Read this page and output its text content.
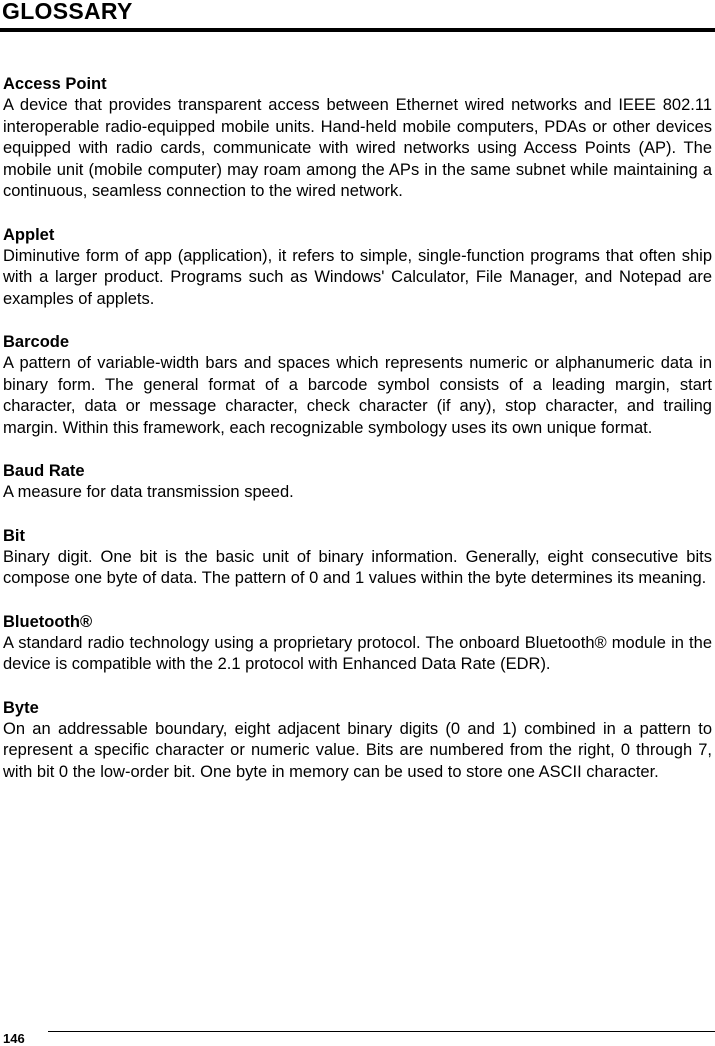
GLOSSARY

Access Point

A device that provides transparent access between Ethernet wired networks and IEEE 802.11 interoperable radio-equipped mobile units. Hand-held mobile computers, PDAs or other devices equipped with radio cards, communicate with wired networks using Access Points (AP). The mobile unit (mobile computer) may roam among the APs in the same subnet while maintaining a continuous, seamless connection to the wired network.

Applet

Diminutive form of app (application), it refers to simple, single-function programs that often ship with a larger product. Programs such as Windows' Calculator, File Manager, and Notepad are examples of applets.

Barcode

A pattern of variable-width bars and spaces which represents numeric or alphanumeric data in binary form. The general format of a barcode symbol consists of a leading margin, start character, data or message character, check character (if any), stop character, and trailing margin. Within this framework, each recognizable symbology uses its own unique format.

Baud Rate

A measure for data transmission speed.

Bit

Binary digit. One bit is the basic unit of binary information. Generally, eight consecutive bits compose one byte of data. The pattern of 0 and 1 values within the byte determines its meaning.

Bluetooth®

A standard radio technology using a proprietary protocol. The onboard Bluetooth® module in the device is compatible with the 2.1 protocol with Enhanced Data Rate (EDR).

Byte

On an addressable boundary, eight adjacent binary digits (0 and 1) combined in a pattern to represent a specific character or numeric value. Bits are numbered from the right, 0 through 7, with bit 0 the low-order bit. One byte in memory can be used to store one ASCII character.

146
